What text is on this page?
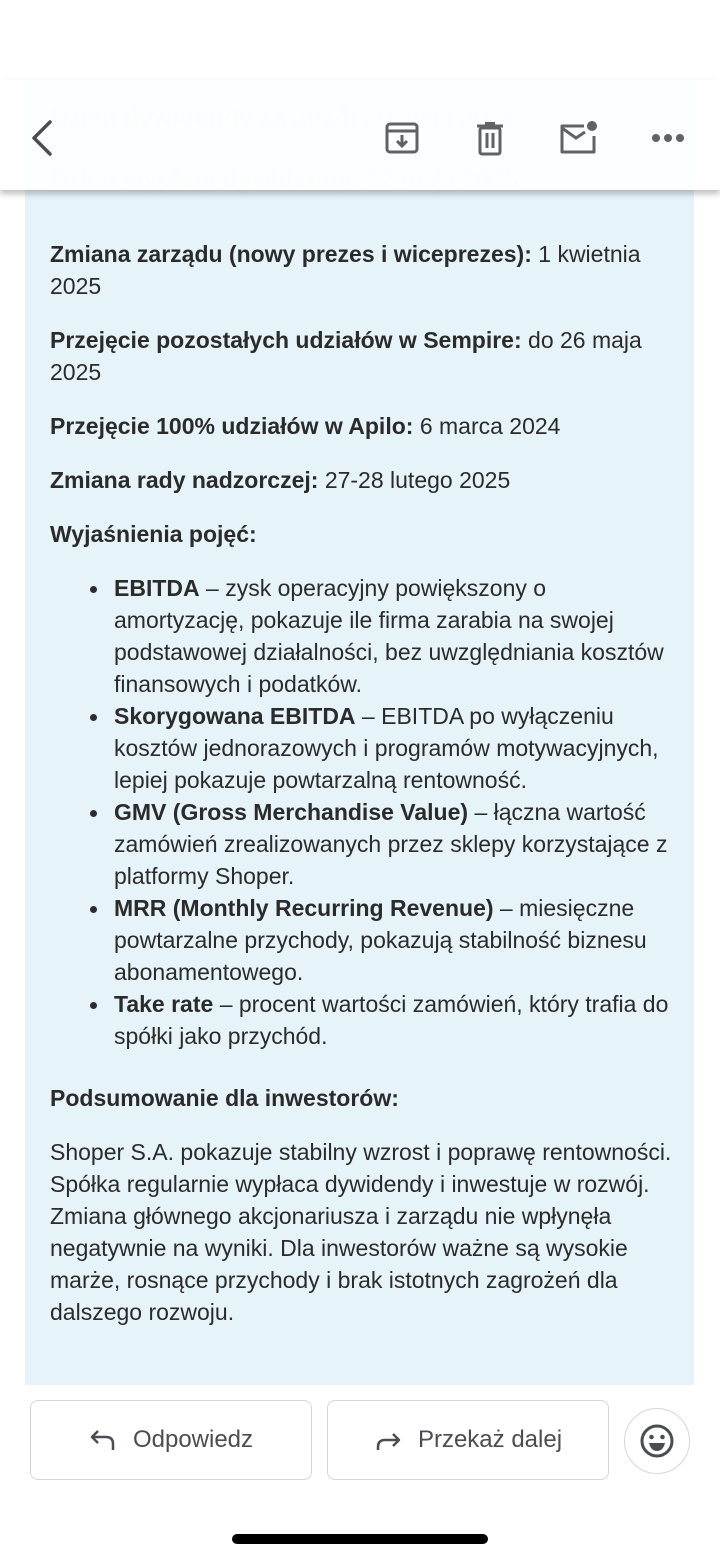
Zmiana zarządu (nowy prezes i wiceprezes): 1 kwietnia 2025

Przejęcie pozostałych udziałów w Sempire: do 26 maja 2025

Przejęcie 100% udziałów w Apilo: 6 marca 2024

Zmiana rady nadzorczej: 27-28 lutego 2025

Wyjaśnienia pojęć:

EBITDA – zysk operacyjny powiększony o amortyzację, pokazuje ile firma zarabia na swojej podstawowej działalności, bez uwzględniania kosztów finansowych i podatków.
Skorygowana EBITDA – EBITDA po wyłączeniu kosztów jednorazowych i programów motywacyjnych, lepiej pokazuje powtarzalną rentowność.
GMV (Gross Merchandise Value) – łączna wartość zamówień zrealizowanych przez sklepy korzystające z platformy Shoper.
MRR (Monthly Recurring Revenue) – miesięczne powtarzalne przychody, pokazują stabilność biznesu abonamentowego.
Take rate – procent wartości zamówień, który trafia do spółki jako przychód.

Podsumowanie dla inwestorów:

Shoper S.A. pokazuje stabilny wzrost i poprawę rentowności. Spółka regularnie wypłaca dywidendy i inwestuje w rozwój. Zmiana głównego akcjonariusza i zarządu nie wpłynęła negatywnie na wyniki. Dla inwestorów ważne są wysokie marże, rosnące przychody i brak istotnych zagrożeń dla dalszego rozwoju.

Odpowiedz	Przekaż dalej
